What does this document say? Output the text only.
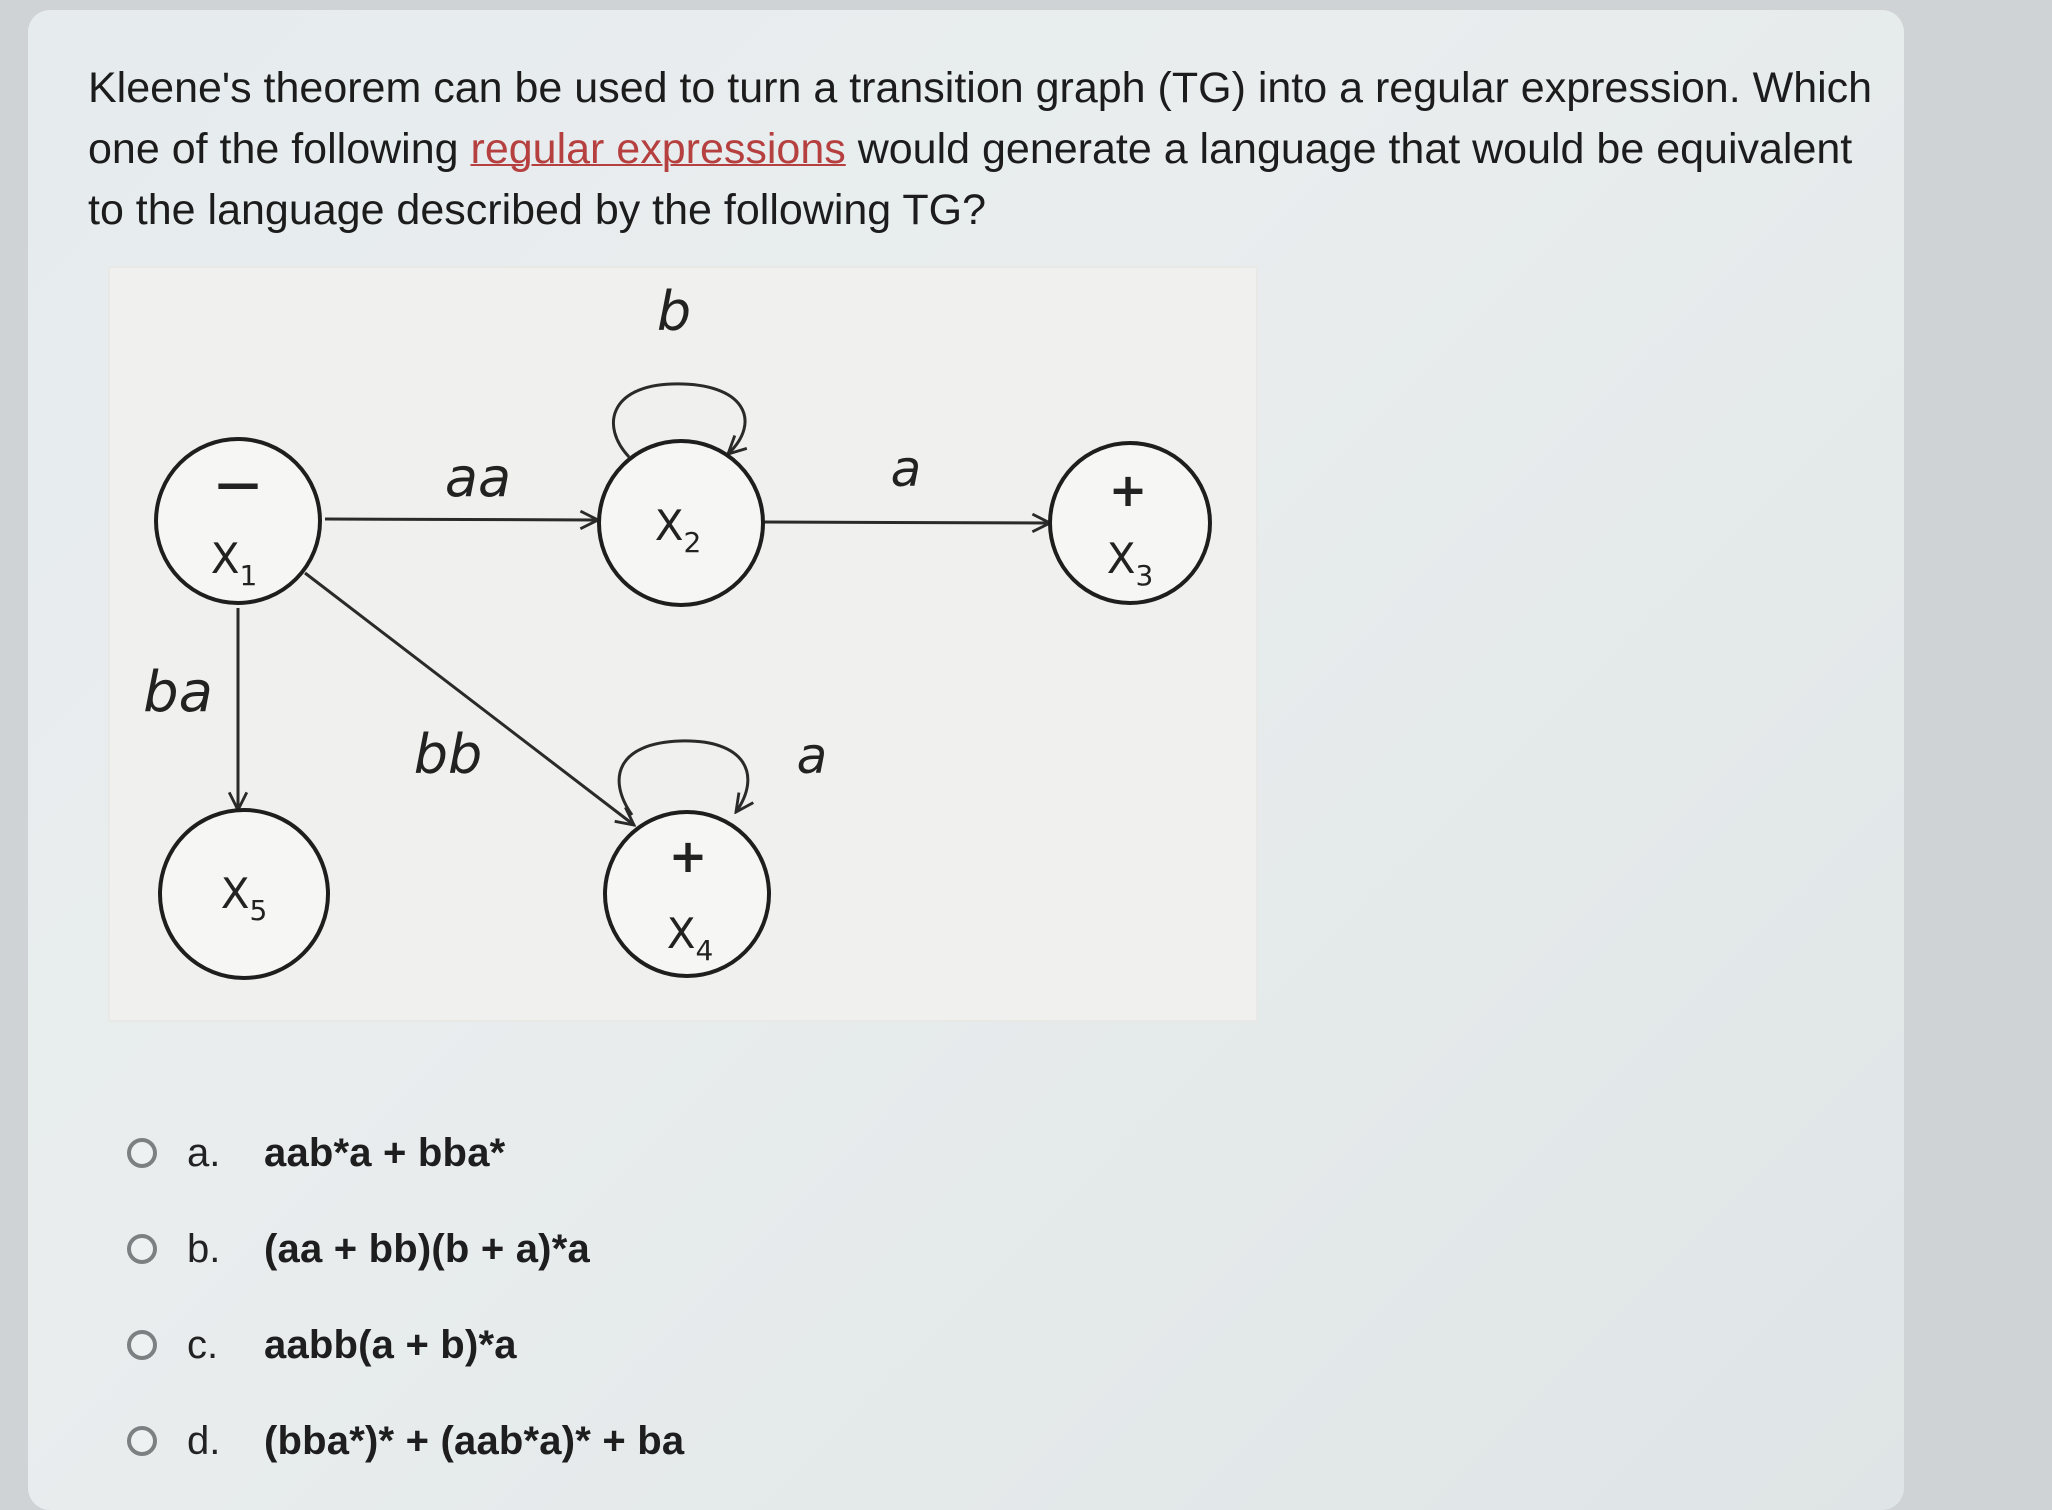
Kleene's theorem can be used to turn a transition graph (TG) into a regular expression. Which one of the following regular expressions would generate a language that would be equivalent to the language described by the following TG?

aa	a
bb
ba
b
a
—
$X_1$
$X_2$
+
$X_3$
+
$X_4$
$X_5$
a.	aab*a + bba*
b.	(aa + bb)(b + a)*a
c.	aabb(a + b)*a
d.	(bba*)* + (aab*a)* + ba
